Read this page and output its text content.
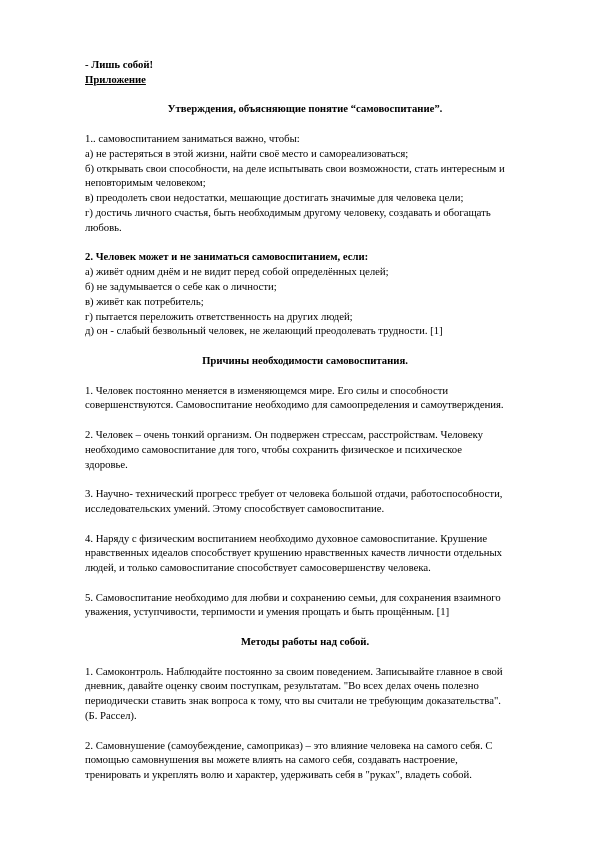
- Лишь собой!

Приложение

Утверждения, объясняющие понятие “самовоспитание”.

1.. самовоспитанием заниматься важно, чтобы:

а) не растеряться в этой жизни, найти своё место и самореализоваться;

б) открывать свои способности, на деле испытывать свои возможности, стать интересным и

неповторимым человеком;

в) преодолеть свои недостатки, мешающие достигать значимые для человека цели;

г) достичь личного счастья, быть необходимым другому человеку, создавать и обогащать

любовь.

2. Человек может и не заниматься самовоспитанием, если:

а) живёт одним днём и не видит перед собой определённых целей;

б) не задумывается о себе как о личности;

в) живёт как потребитель;

г) пытается переложить ответственность на других людей;

д) он - слабый безвольный человек, не желающий преодолевать трудности. [1]

Причины необходимости самовоспитания.

1. Человек постоянно меняется в изменяющемся мире. Его силы и способности

совершенствуются. Самовоспитание необходимо для самоопределения и самоутверждения.

2. Человек – очень тонкий организм. Он подвержен стрессам, расстройствам. Человеку

необходимо самовоспитание для того, чтобы сохранить физическое и психическое

здоровье.

3. Научно- технический прогресс требует от человека большой отдачи, работоспособности,

исследовательских умений. Этому способствует самовоспитание.

4. Наряду с физическим воспитанием необходимо духовное самовоспитание. Крушение

нравственных идеалов способствует крушению нравственных качеств личности отдельных

людей, и только самовоспитание способствует самосовершенству человека.

5. Самовоспитание необходимо для любви и сохранению семьи, для сохранения взаимного

уважения, уступчивости, терпимости и умения прощать и быть прощённым. [1]

Методы работы над собой.

1. Самоконтроль. Наблюдайте постоянно за своим поведением. Записывайте главное в свой

дневник, давайте оценку своим поступкам, результатам. "Во всех делах очень полезно

периодически ставить знак вопроса к тому, что вы считали не требующим доказательства".

(Б. Рассел).

2. Самовнушение (самоубеждение, самоприказ) – это влияние человека на самого себя. С

помощью самовнушения вы можете влиять на самого себя, создавать настроение,

тренировать и укреплять волю и характер, удерживать себя в "руках", владеть собой.
